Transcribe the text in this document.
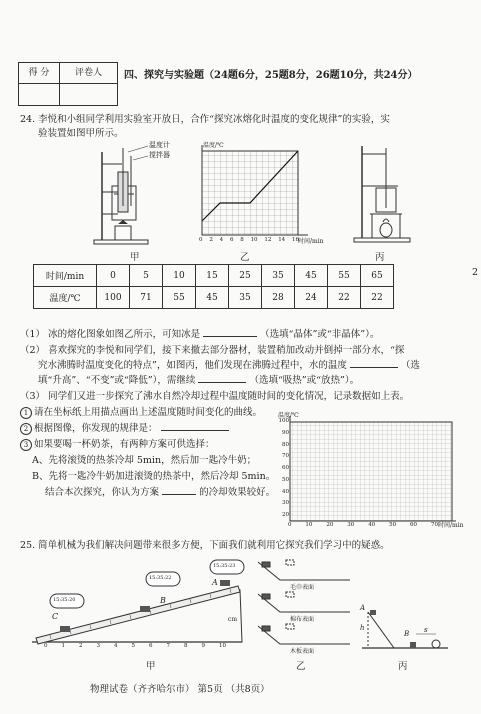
得 分	评卷人	四、探究与实验题（24题6分，25题8分，26题10分，共24分）
24. 李悦和小组同学利用实验室开放日，合作“探究冰熔化时温度的变化规律”的实验，实
验装置如图甲所示。
温度计
搅拌器
温度/℃
时间/min
0 2 4 6 8 10 12 14 16
甲	乙	丙
2
时间/min	0	5	10	15	25	35	45	55	65
温度/℃	100	71	55	45	35	28	24	22	22
（1） 冰的熔化图象如图乙所示，可知冰是	（选填“晶体”或“非晶体”）。
（2） 喜欢探究的李悦和同学们，接下来撤去部分器材，装置稍加改动并倒掉一部分水，“探
究水沸腾时温度变化的特点”，如图丙，他们发现在沸腾过程中，水的温度	（选
填“升高”、“不变”或“降低”），需继续	（选填“吸热”或“放热”）。
（3） 同学们又进一步探究了沸水自然冷却过程中温度随时间的变化情况，记录数据如上表。
1 请在坐标纸上用描点画出上述温度随时间变化的曲线。
2 根据图像，你发现的规律是：
3 如果要喝一杯奶茶，有两种方案可供选择：
A、先将滚烫的热茶冷却 5min，然后加一匙冷牛奶；
B、先将一匙冷牛奶加进滚烫的热茶中，然后冷却 5min。
结合本次探究，你认为方案	的冷却效果较好。
温度/℃
时间/min
100
90
80
70
60
50
40
30
20
0	10	20	30	40	50	60	70
25. 简单机械为我们解决问题带来很多方便，下面我们就利用它探究我们学习中的疑惑。
15:35:20
15:35:22
15:35:23
C
B
A
cm
0	1	2	3	4	5	6	7	8	9	10
毛巾表面
棉布表面
木板表面
A
B
h	s
甲	乙	丙
物理试卷（齐齐哈尔市） 第5页 （共8页）
